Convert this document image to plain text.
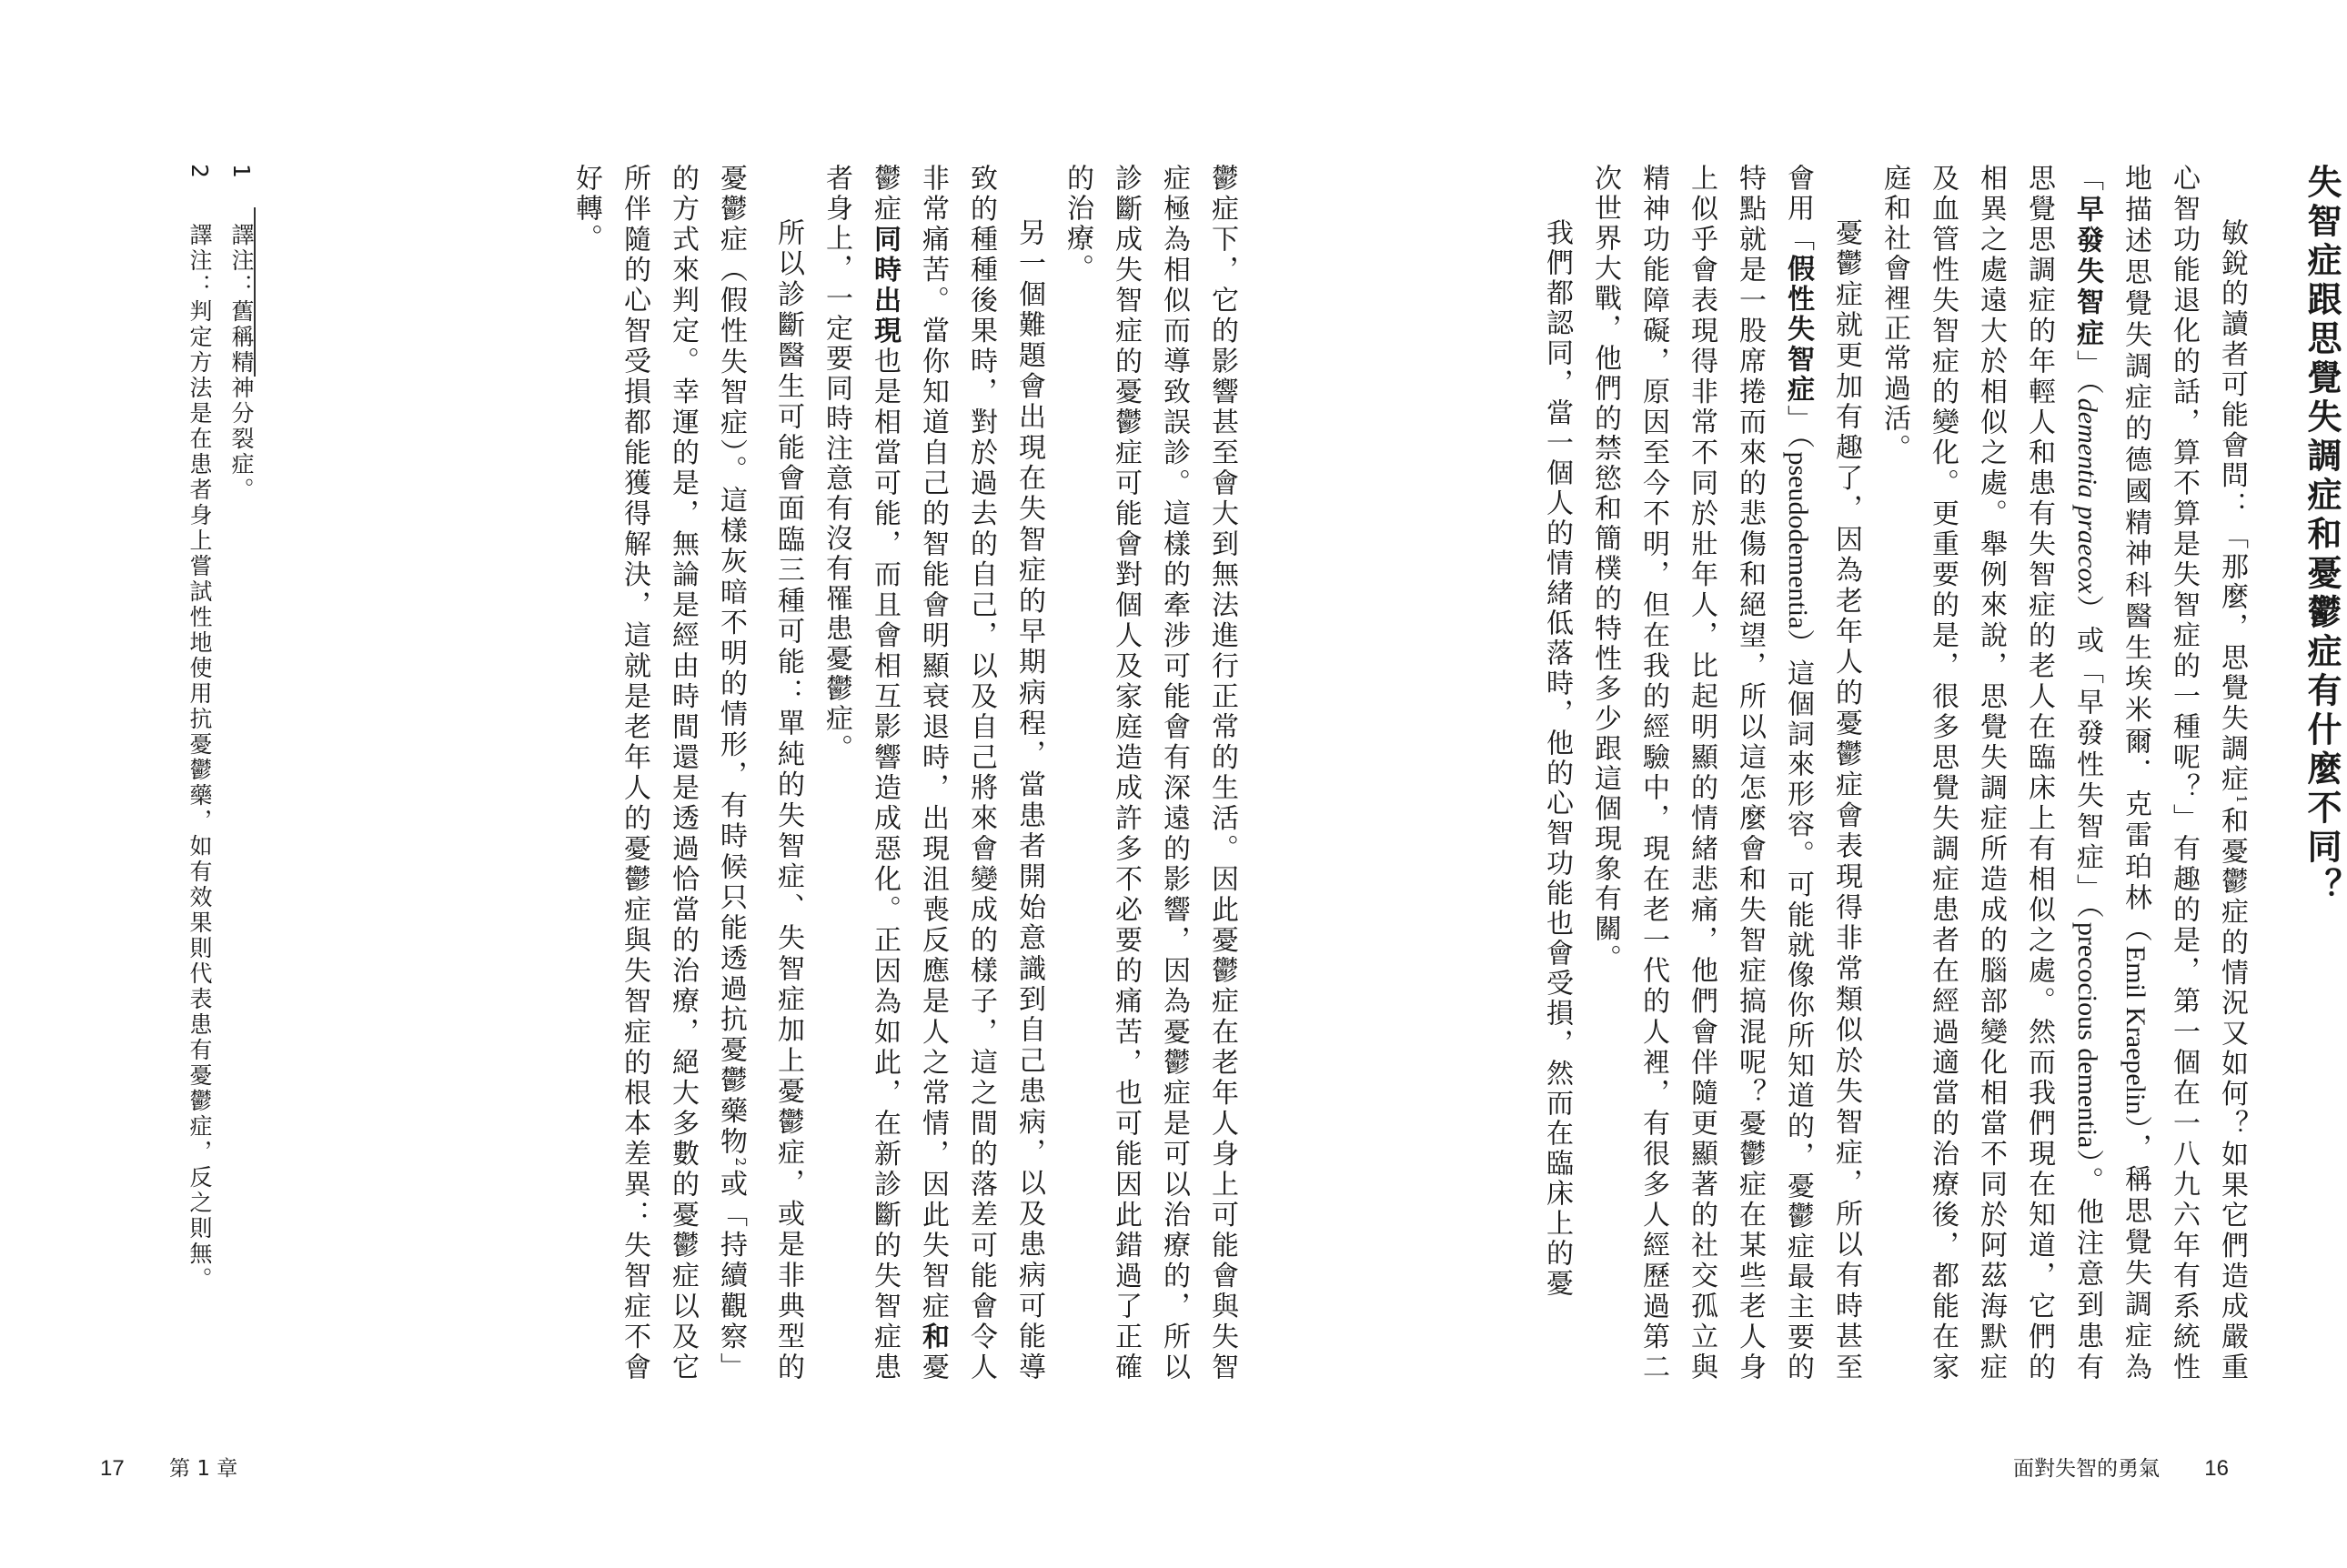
失智症跟思覺失調症和憂鬱症有什麼不同？

敏銳的讀者可能會問：「那麼，思覺失調症$^1$和憂鬱症的情況又如何？如果它們造成嚴重心智功能退化的話，算不算是失智症的一種呢？」有趣的是，第一個在一八九六年有系統性地描述思覺失調症的德國精神科醫生埃米爾．克雷珀林（Emil Kraepelin），稱思覺失調症為「早發失智症」（dementia praecox）或「早發性失智症」（precocious dementia）。他注意到患有思覺思調症的年輕人和患有失智症的老人在臨床上有相似之處。然而我們現在知道，它們的相異之處遠大於相似之處。舉例來說，思覺失調症所造成的腦部變化相當不同於阿茲海默症及血管性失智症的變化。更重要的是，很多思覺失調症患者在經過適當的治療後，都能在家庭和社會裡正常過活。

憂鬱症就更加有趣了，因為老年人的憂鬱症會表現得非常類似於失智症，所以有時甚至會用「假性失智症」（pseudodementia）這個詞來形容。可能就像你所知道的，憂鬱症最主要的特點就是一股席捲而來的悲傷和絕望，所以這怎麼會和失智症搞混呢？憂鬱症在某些老人身上似乎會表現得非常不同於壯年人，比起明顯的情緒悲痛，他們會伴隨更顯著的社交孤立與精神功能障礙，原因至今不明，但在我的經驗中，現在老一代的人裡，有很多人經歷過第二次世界大戰，他們的禁慾和簡樸的特性多少跟這個現象有關。

我們都認同，當一個人的情緒低落時，他的心智功能也會受損，然而在臨床上的憂

鬱症下，它的影響甚至會大到無法進行正常的生活。因此憂鬱症在老年人身上可能會與失智症極為相似而導致誤診。這樣的牽涉可能會有深遠的影響，因為憂鬱症是可以治療的，所以診斷成失智症的憂鬱症可能會對個人及家庭造成許多不必要的痛苦，也可能因此錯過了正確的治療。

另一個難題會出現在失智症的早期病程，當患者開始意識到自己患病，以及患病可能導致的種種後果時，對於過去的自己，以及自己將來會變成的樣子，這之間的落差可能會令人非常痛苦。當你知道自己的智能會明顯衰退時，出現沮喪反應是人之常情，因此失智症和憂鬱症同時出現也是相當可能，而且會相互影響造成惡化。正因為如此，在新診斷的失智症患者身上，一定要同時注意有沒有罹患憂鬱症。

所以診斷醫生可能會面臨三種可能：單純的失智症、失智症加上憂鬱症，或是非典型的憂鬱症（假性失智症）。這樣灰暗不明的情形，有時候只能透過抗憂鬱藥物$^2$或「持續觀察」的方式來判定。幸運的是，無論是經由時間還是透過恰當的治療，絕大多數的憂鬱症以及它所伴隨的心智受損都能獲得解決，這就是老年人的憂鬱症與失智症的根本差異：失智症不會好轉。

1　譯注：舊稱精神分裂症。

2　譯注：判定方法是在患者身上嘗試性地使用抗憂鬱藥，如有效果則代表患有憂鬱症，反之則無。

17 第 1 章	面對失智的勇氣 16
